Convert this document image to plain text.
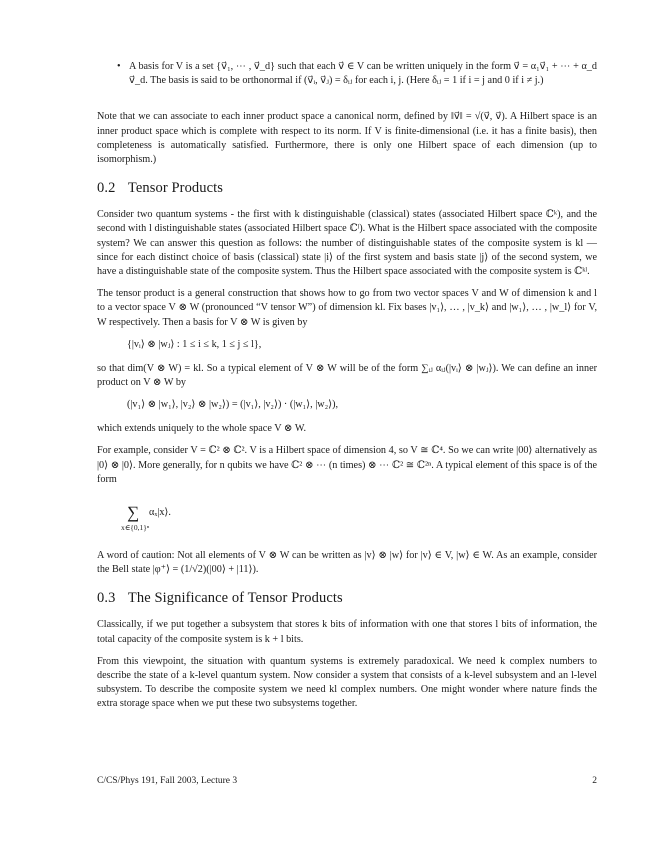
• A basis for V is a set {v⃗₁, ⋯ , v⃗_d} such that each v⃗ ∈ V can be written uniquely in the form v⃗ = α₁v⃗₁ + ⋯ + α_d v⃗_d. The basis is said to be orthonormal if (v⃗ᵢ, v⃗ⱼ) = δᵢⱼ for each i, j. (Here δᵢⱼ = 1 if i = j and 0 if i ≠ j.)

Note that we can associate to each inner product space a canonical norm, defined by ‖v⃗‖ = √(v⃗, v⃗). A Hilbert space is an inner product space which is complete with respect to its norm. If V is finite-dimensional (i.e. it has a finite basis), then completeness is automatically satisfied. Furthermore, there is only one Hilbert space of each dimension (up to isomorphism.)

0.2 Tensor Products

Consider two quantum systems - the first with k distinguishable (classical) states (associated Hilbert space ℂᵏ), and the second with l distinguishable states (associated Hilbert space ℂˡ). What is the Hilbert space associated with the composite system? We can answer this question as follows: the number of distinguishable states of the composite system is kl — since for each distinct choice of basis (classical) state |i⟩ of the first system and basis state |j⟩ of the second system, we have a distinguishable state of the composite system. Thus the Hilbert space associated with the composite system is ℂᵏˡ.

The tensor product is a general construction that shows how to go from two vector spaces V and W of dimension k and l to a vector space V ⊗ W (pronounced “V tensor W”) of dimension kl. Fix bases |v₁⟩, … , |v_k⟩ and |w₁⟩, … , |w_l⟩ for V, W respectively. Then a basis for V ⊗ W is given by

{|vᵢ⟩ ⊗ |wⱼ⟩ : 1 ≤ i ≤ k, 1 ≤ j ≤ l},

so that dim(V ⊗ W) = kl. So a typical element of V ⊗ W will be of the form ∑ᵢⱼ αᵢⱼ(|vᵢ⟩ ⊗ |wⱼ⟩). We can define an inner product on V ⊗ W by

(|v₁⟩ ⊗ |w₁⟩, |v₂⟩ ⊗ |w₂⟩) = (|v₁⟩, |v₂⟩) · (|w₁⟩, |w₂⟩),

which extends uniquely to the whole space V ⊗ W.

For example, consider V = ℂ² ⊗ ℂ². V is a Hilbert space of dimension 4, so V ≅ ℂ⁴. So we can write |00⟩ alternatively as |0⟩ ⊗ |0⟩. More generally, for n qubits we have ℂ² ⊗ ⋯ (n times) ⊗ ⋯ ℂ² ≅ ℂ²ⁿ. A typical element of this space is of the form

∑
x∈{0,1}ⁿ
αₓ|x⟩.

A word of caution: Not all elements of V ⊗ W can be written as |v⟩ ⊗ |w⟩ for |v⟩ ∈ V, |w⟩ ∈ W. As an example, consider the Bell state |φ⁺⟩ = (1/√2)(|00⟩ + |11⟩).

0.3 The Significance of Tensor Products

Classically, if we put together a subsystem that stores k bits of information with one that stores l bits of information, the total capacity of the composite system is k + l bits.

From this viewpoint, the situation with quantum systems is extremely paradoxical. We need k complex numbers to describe the state of a k-level quantum system. Now consider a system that consists of a k-level subsystem and an l-level subsystem. To describe the composite system we need kl complex numbers. One might wonder where nature finds the extra storage space when we put these two subsystems together.

C/CS/Phys 191, Fall 2003, Lecture 3	2
